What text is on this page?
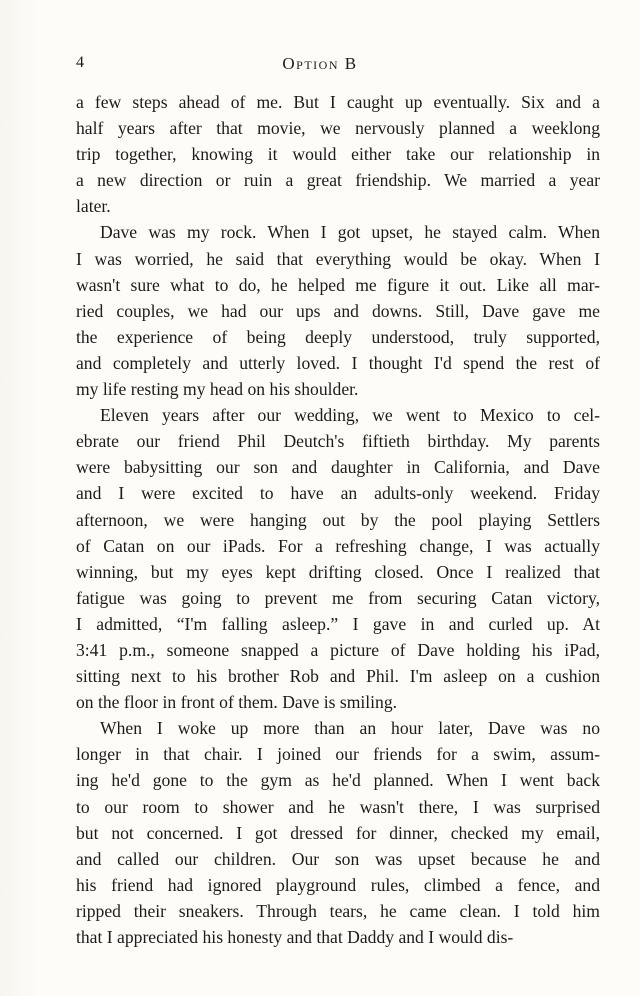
4	Option B
a few steps ahead of me. But I caught up eventually. Six and a
half years after that movie, we nervously planned a weeklong
trip together, knowing it would either take our relationship in
a new direction or ruin a great friendship. We married a year
later.
Dave was my rock. When I got upset, he stayed calm. When
I was worried, he said that everything would be okay. When I
wasn't sure what to do, he helped me figure it out. Like all mar-
ried couples, we had our ups and downs. Still, Dave gave me
the experience of being deeply understood, truly supported,
and completely and utterly loved. I thought I'd spend the rest of
my life resting my head on his shoulder.
Eleven years after our wedding, we went to Mexico to cel-
ebrate our friend Phil Deutch's fiftieth birthday. My parents
were babysitting our son and daughter in California, and Dave
and I were excited to have an adults-only weekend. Friday
afternoon, we were hanging out by the pool playing Settlers
of Catan on our iPads. For a refreshing change, I was actually
winning, but my eyes kept drifting closed. Once I realized that
fatigue was going to prevent me from securing Catan victory,
I admitted, “I'm falling asleep.” I gave in and curled up. At
3:41 p.m., someone snapped a picture of Dave holding his iPad,
sitting next to his brother Rob and Phil. I'm asleep on a cushion
on the floor in front of them. Dave is smiling.
When I woke up more than an hour later, Dave was no
longer in that chair. I joined our friends for a swim, assum-
ing he'd gone to the gym as he'd planned. When I went back
to our room to shower and he wasn't there, I was surprised
but not concerned. I got dressed for dinner, checked my email,
and called our children. Our son was upset because he and
his friend had ignored playground rules, climbed a fence, and
ripped their sneakers. Through tears, he came clean. I told him
that I appreciated his honesty and that Daddy and I would dis-
